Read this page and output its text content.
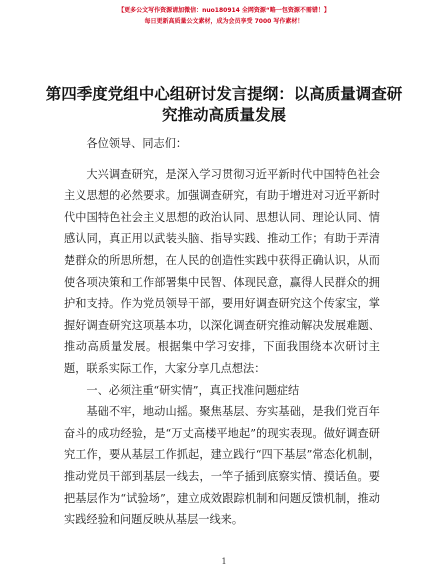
【更多公文写作资源请加微信：nuo180914 全网资源“略一包资源不需错！】
每日更新高质量公文素材，成为会员享受 7000 写作素材！
第四季度党组中心组研讨发言提纲：以高质量调查研究推动高质量发展

各位领导、同志们：

大兴调查研究，是深入学习贯彻习近平新时代中国特色社会主义思想的必然要求。加强调查研究，有助于增进对习近平新时代中国特色社会主义思想的政治认同、思想认同、理论认同、情感认同，真正用以武装头脑、指导实践、推动工作；有助于弄清楚群众的所思所想，在人民的创造性实践中获得正确认识，从而使各项决策和工作部署集中民智、体现民意，赢得人民群众的拥护和支持。作为党员领导干部，要用好调查研究这个传家宝，掌握好调查研究这项基本功，以深化调查研究推动解决发展难题、推动高质量发展。根据集中学习安排，下面我围绕本次研讨主题，联系实际工作，大家分享几点想法：

一、必须注重“研实情”，真正找准问题症结

基础不牢，地动山摇。聚焦基层、夯实基础，是我们党百年奋斗的成功经验，是“万丈高楼平地起”的现实表现。做好调查研究工作，要从基层工作抓起，建立践行“四下基层”常态化机制，推动党员干部到基层一线去，一竿子插到底察实情、摸话鱼。要把基层作为“试验场”，建立成效跟踪机制和问题反馈机制，推动实践经验和问题反映从基层一线来。

1
